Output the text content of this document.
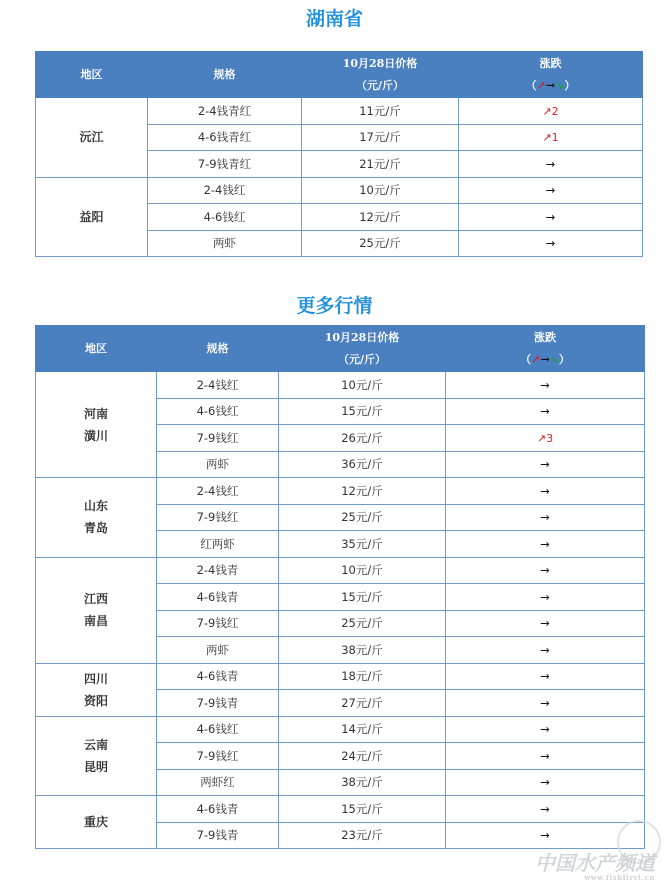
湖南省
地区	规格	10月28日价格
（元/斤）	涨跌
（↗→↘）

沅江	2-4钱青红	11元/斤	↗2
	4-6钱青红	17元/斤	↗1
	7-9钱青红	21元/斤	→

益阳	2-4钱红	10元/斤	→
	4-6钱红	12元/斤	→
	两虾	25元/斤	→
更多行情
地区	规格	10月28日价格
（元/斤）	涨跌
（↗→↘）

河南
潢川	2-4钱红	10元/斤	→
	4-6钱红	15元/斤	→
	7-9钱红	26元/斤	↗3
	两虾	36元/斤	→

山东
青岛	2-4钱红	12元/斤	→
	7-9钱红	25元/斤	→
	红两虾	35元/斤	→

江西
南昌	2-4钱青	10元/斤	→
	4-6钱青	15元/斤	→
	7-9钱红	25元/斤	→
	两虾	38元/斤	→

四川
资阳	4-6钱青	18元/斤	→
	7-9钱青	27元/斤	→

云南
昆明	4-6钱红	14元/斤	→
	7-9钱红	24元/斤	→
	两虾红	38元/斤	→

重庆	4-6钱青	15元/斤	→
	7-9钱青	23元/斤	→
中国水产频道
www.fishfirst.cn
